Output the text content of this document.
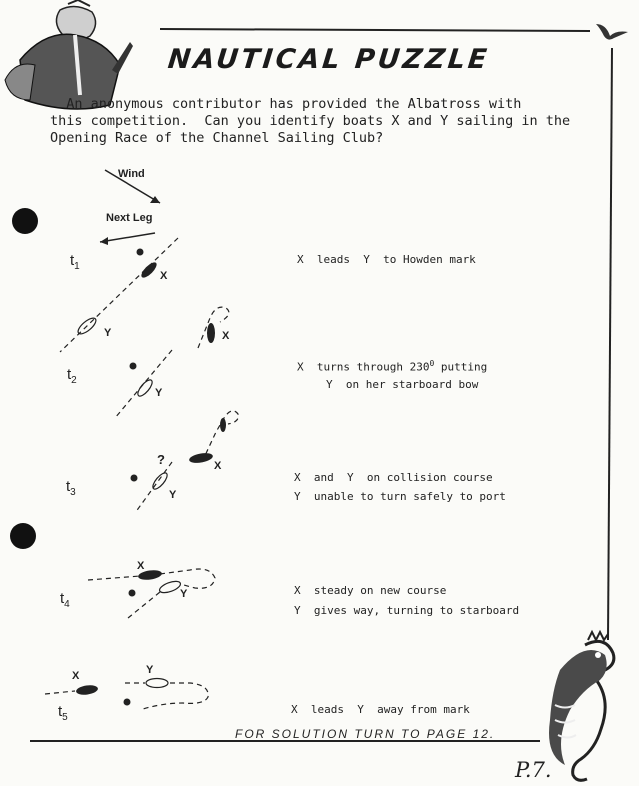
NAUTICAL PUZZLE
An anonymous contributor has provided the Albatross with
this competition.  Can you identify boats X and Y sailing in the
Opening Race of the Channel Sailing Club?
Wind
Next Leg
X
Y	X
Y
?	X
Y
X
Y
X	Y
$t_1$
$t_2$
$t_3$
$t_4$
$t_5$
X  leads  Y  to Howden mark
X  turns through $230^0$ putting
Y  on her starboard bow
X  and  Y  on collision course
Y  unable to turn safely to port
X  steady on new course
Y  gives way, turning to starboard
X  leads  Y  away from mark
FOR SOLUTION TURN TO PAGE 12.
P.7.
